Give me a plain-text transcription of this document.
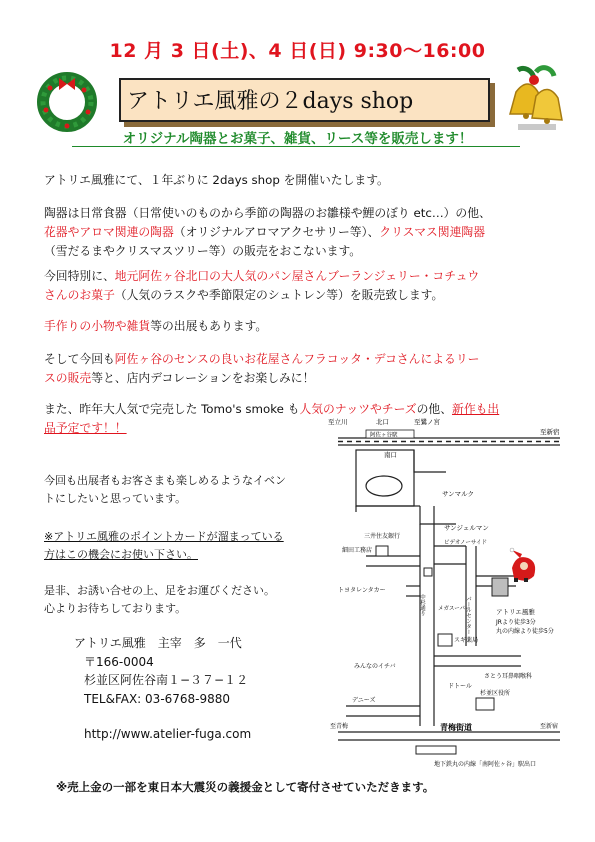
12 月 3 日(土)、4 日(日) 9:30〜16:00
アトリエ風雅の２days shop
オリジナル陶器とお菓子、雑貨、リース等を販売します！
アトリエ風雅にて、１年ぶりに 2days shop を開催いたします。
陶器は日常食器（日常使いのものから季節の陶器のお雛様や鯉のぼり etc…）の他、
花器やアロマ関連の陶器（オリジナルアロマアクセサリー等）、クリスマス関連陶器
（雪だるまやクリスマスツリー等）の販売をおこないます。
今回特別に、地元阿佐ヶ谷北口の大人気のパン屋さんブーランジェリー・コチュウ
さんのお菓子（人気のラスクや季節限定のシュトレン等）を販売致します。
手作りの小物や雑貨等の出展もあります。
そして今回も阿佐ヶ谷のセンスの良いお花屋さんフラコッタ・デコさんによるリー
スの販売等と、店内デコレーションをお楽しみに！
また、昨年大人気で完売した Tomo's smoke も人気のナッツやチーズの他、新作も出
品予定です！！
今回も出展者もお客さまも楽しめるようなイベン
トにしたいと思っています。
※アトリエ風雅のポイントカードが溜まっている
方はこの機会にお使い下さい。
是非、お誘い合せの上、足をお運びください。
心よりお待ちしております。
アトリエ風雅　主宰　多　一代
〒166-0004
杉並区阿佐谷南１−３７−１２
TEL&FAX: 03-6768-9880
http://www.atelier-fuga.com
至立川	北口	至鷺ノ宮
至新宿
阿佐ヶ谷駅
南口
サンマルク
サンジェルマン
三井住友銀行
ビデオノーサイド
細田工務店
トヨタレンタカー
中杉通り	パールセンター
メガスーパー
スギ薬局
アトリエ風雅
JRより徒歩3分
丸の内線より徒歩5分
みんなのイチバ
さとう耳鼻咽喉科
ドトール
デニーズ
杉並区役所
至青梅	青梅街道	至新宿
地下鉄丸の内線「南阿佐ヶ谷」駅出口
※売上金の一部を東日本大震災の義援金として寄付させていただきます。
